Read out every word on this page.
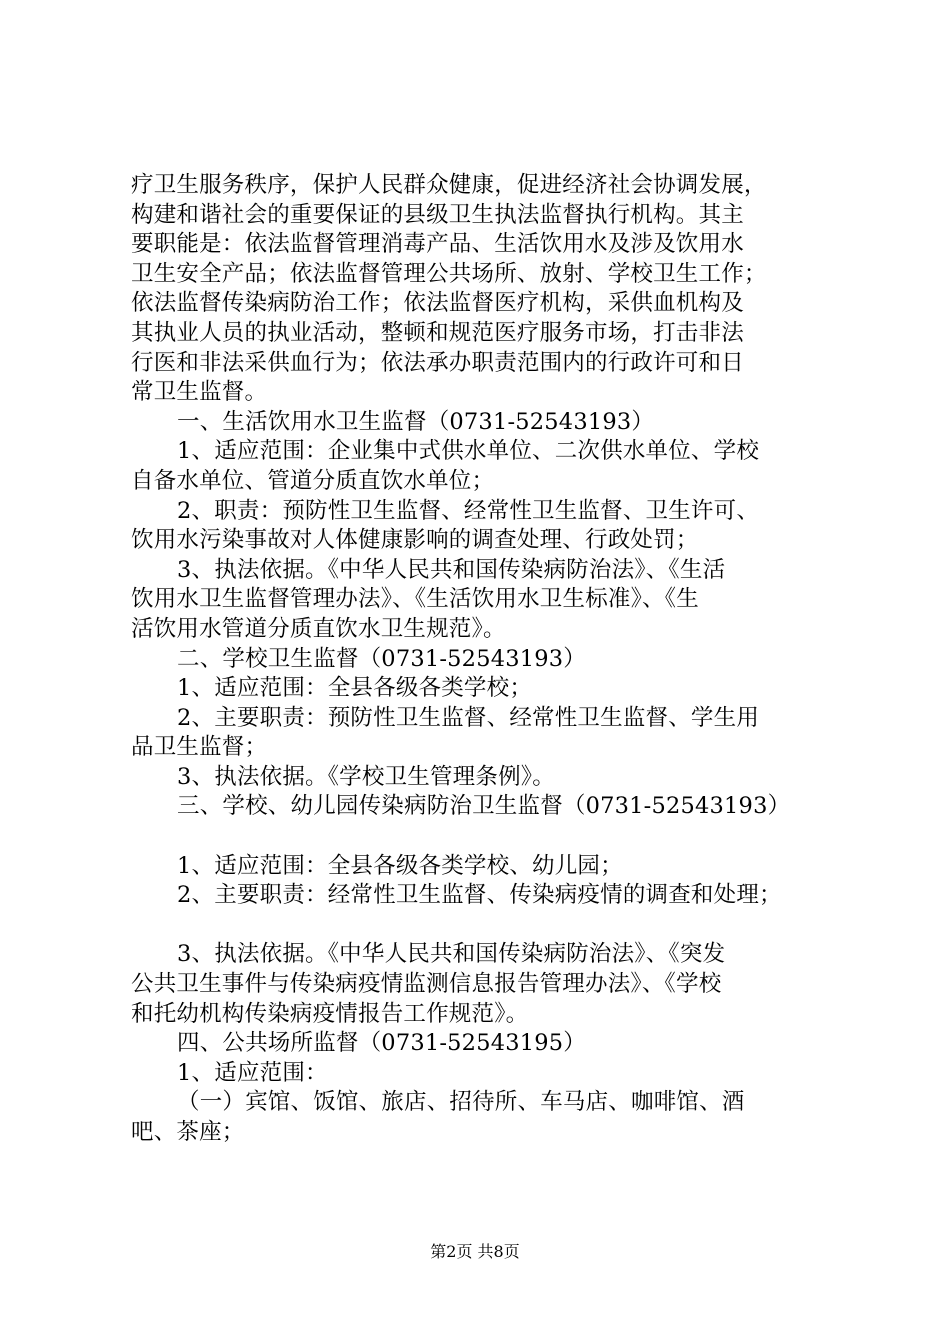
疗卫生服务秩序，保护人民群众健康，促进经济社会协调发展，
构建和谐社会的重要保证的县级卫生执法监督执行机构。其主
要职能是：依法监督管理消毒产品、生活饮用水及涉及饮用水
卫生安全产品；依法监督管理公共场所、放射、学校卫生工作；
依法监督传染病防治工作；依法监督医疗机构，采供血机构及
其执业人员的执业活动，整顿和规范医疗服务市场，打击非法
行医和非法采供血行为；依法承办职责范围内的行政许可和日
常卫生监督。
一、生活饮用水卫生监督（0731-52543193）
1、适应范围：企业集中式供水单位、二次供水单位、学校
自备水单位、管道分质直饮水单位；
2、职责：预防性卫生监督、经常性卫生监督、卫生许可、
饮用水污染事故对人体健康影响的调查处理、行政处罚；
3、执法依据。《中华人民共和国传染病防治法》、《生活
饮用水卫生监督管理办法》、《生活饮用水卫生标准》、《生
活饮用水管道分质直饮水卫生规范》。
二、学校卫生监督（0731-52543193）
1、适应范围：全县各级各类学校；
2、主要职责：预防性卫生监督、经常性卫生监督、学生用
品卫生监督；
3、执法依据。《学校卫生管理条例》。
三、学校、幼儿园传染病防治卫生监督（0731-52543193）
1、适应范围：全县各级各类学校、幼儿园；
2、主要职责：经常性卫生监督、传染病疫情的调查和处理；
3、执法依据。《中华人民共和国传染病防治法》、《突发
公共卫生事件与传染病疫情监测信息报告管理办法》、《学校
和托幼机构传染病疫情报告工作规范》。
四、公共场所监督（0731-52543195）
1、适应范围：
（一）宾馆、饭馆、旅店、招待所、车马店、咖啡馆、酒
吧、茶座；
第2页 共8页
